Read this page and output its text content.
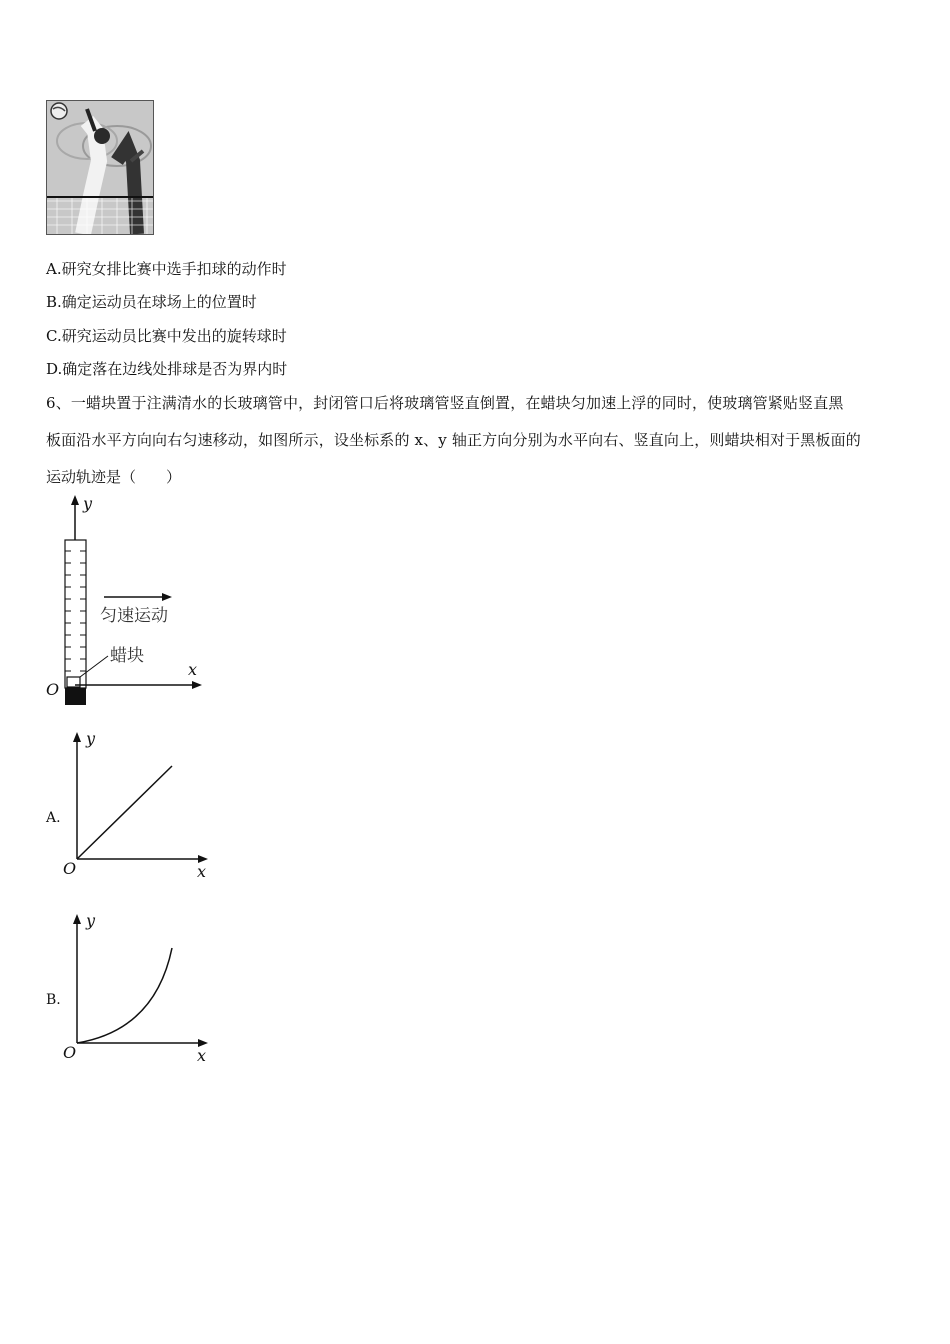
A.研究女排比赛中选手扣球的动作时
B.确定运动员在球场上的位置时
C.研究运动员比赛中发出的旋转球时
D.确定落在边线处排球是否为界内时
6、一蜡块置于注满清水的长玻璃管中，封闭管口后将玻璃管竖直倒置，在蜡块匀加速上浮的同时，使玻璃管紧贴竖直黑
板面沿水平方向向右匀速移动，如图所示，设坐标系的 x、y 轴正方向分别为水平向右、竖直向上，则蜡块相对于黑板面的
运动轨迹是（　　）
y
蜡块
x
O
匀速运动
A.
y
x
O
B.
y
x
O
